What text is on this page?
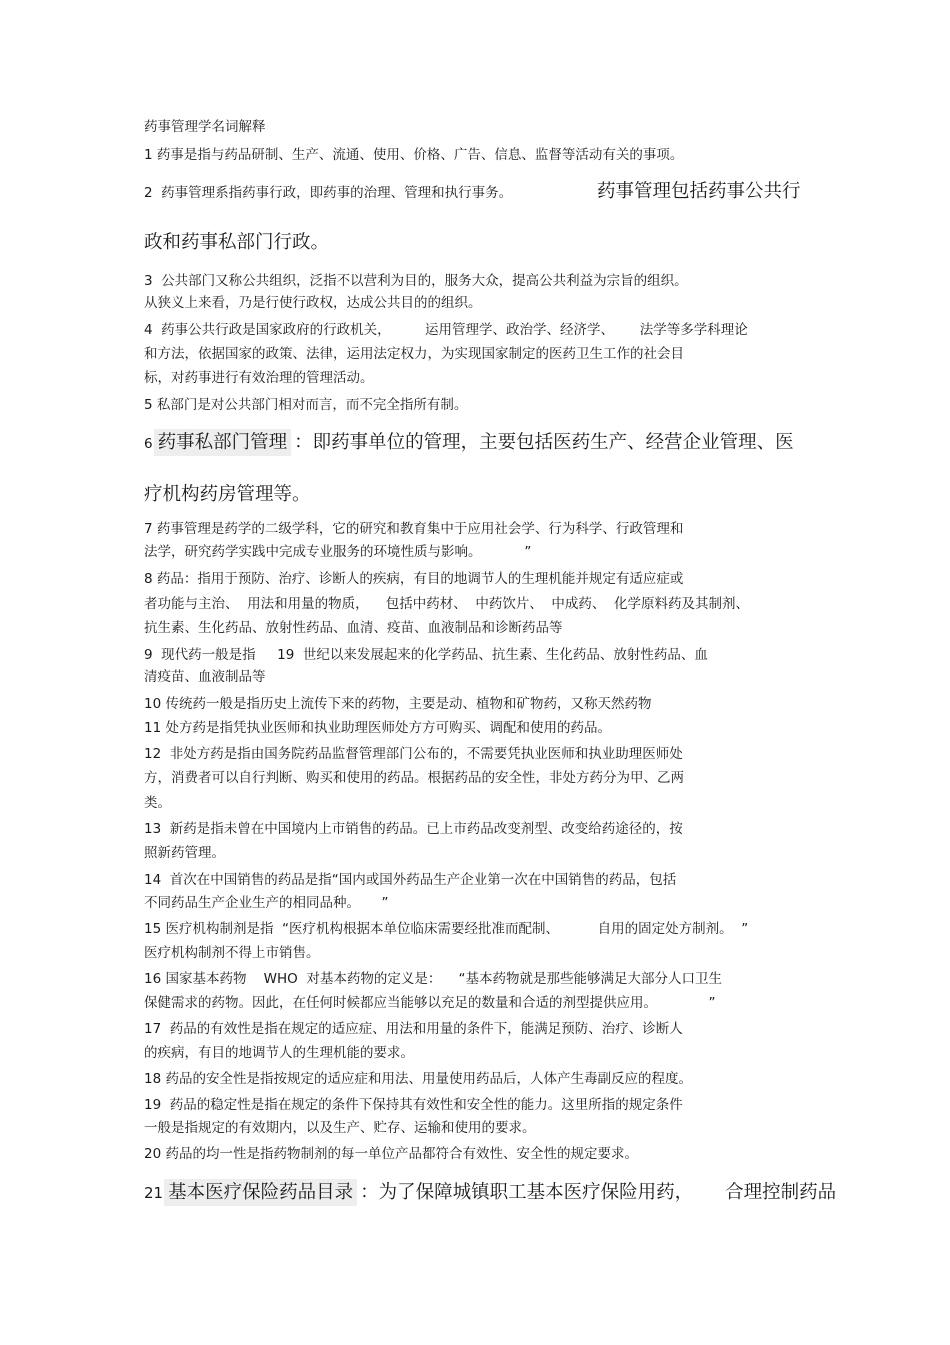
药事管理学名词解释
1 药事是指与药品研制、生产、流通、使用、价格、广告、信息、监督等活动有关的事项。
2  药事管理系指药事行政，即药事的治理、管理和执行事务。	药事管理包括药事公共行
政和药事私部门行政。
3  公共部门又称公共组织，泛指不以营利为目的，服务大众，提高公共利益为宗旨的组织。
从狭义上来看，乃是行使行政权，达成公共目的的组织。
4  药事公共行政是国家政府的行政机关，        运用管理学、政治学、经济学、      法学等多学科理论
和方法，依据国家的政策、法律，运用法定权力，为实现国家制定的医药卫生工作的社会目
标，对药事进行有效治理的管理活动。
5 私部门是对公共部门相对而言，而不完全指所有制。
6 药事私部门管理 ：即药事单位的管理，主要包括医药生产、经营企业管理、医
疗机构药房管理等。
7 药事管理是药学的二级学科，它的研究和教育集中于应用社会学、行为科学、行政管理和
法学，研究药学实践中完成专业服务的环境性质与影响。          ”
8 药品：指用于预防、治疗、诊断人的疾病，有目的地调节人的生理机能并规定有适应症或
者功能与主治、  用法和用量的物质，    包括中药材、  中药饮片、  中成药、  化学原料药及其制剂、
抗生素、生化药品、放射性药品、血清、疫苗、血液制品和诊断药品等
9  现代药一般是指     19  世纪以来发展起来的化学药品、抗生素、生化药品、放射性药品、血
清疫苗、血液制品等
10 传统药一般是指历史上流传下来的药物，主要是动、植物和矿物药，又称天然药物
11 处方药是指凭执业医师和执业助理医师处方方可购买、调配和使用的药品。
12  非处方药是指由国务院药品监督管理部门公布的，不需要凭执业医师和执业助理医师处
方，消费者可以自行判断、购买和使用的药品。根据药品的安全性，非处方药分为甲、乙两
类。
13  新药是指未曾在中国境内上市销售的药品。已上市药品改变剂型、改变给药途径的，按
照新药管理。
14  首次在中国销售的药品是指“国内或国外药品生产企业第一次在中国销售的药品，包括
不同药品生产企业生产的相同品种。     ”
15 医疗机构制剂是指  “医疗机构根据本单位临床需要经批准而配制、         自用的固定处方制剂。  ”
医疗机构制剂不得上市销售。
16 国家基本药物    WHO  对基本药物的定义是：    “基本药物就是那些能够满足大部分人口卫生
保健需求的药物。因此，在任何时候都应当能够以充足的数量和合适的剂型提供应用。            ”
17  药品的有效性是指在规定的适应症、用法和用量的条件下，能满足预防、治疗、诊断人
的疾病，有目的地调节人的生理机能的要求。
18 药品的安全性是指按规定的适应症和用法、用量使用药品后，人体产生毒副反应的程度。
19  药品的稳定性是指在规定的条件下保持其有效性和安全性的能力。这里所指的规定条件
一般是指规定的有效期内，以及生产、贮存、运输和使用的要求。
20 药品的均一性是指药物制剂的每一单位产品都符合有效性、安全性的规定要求。
21 基本医疗保险药品目录 ：为了保障城镇职工基本医疗保险用药， 合理控制药品
